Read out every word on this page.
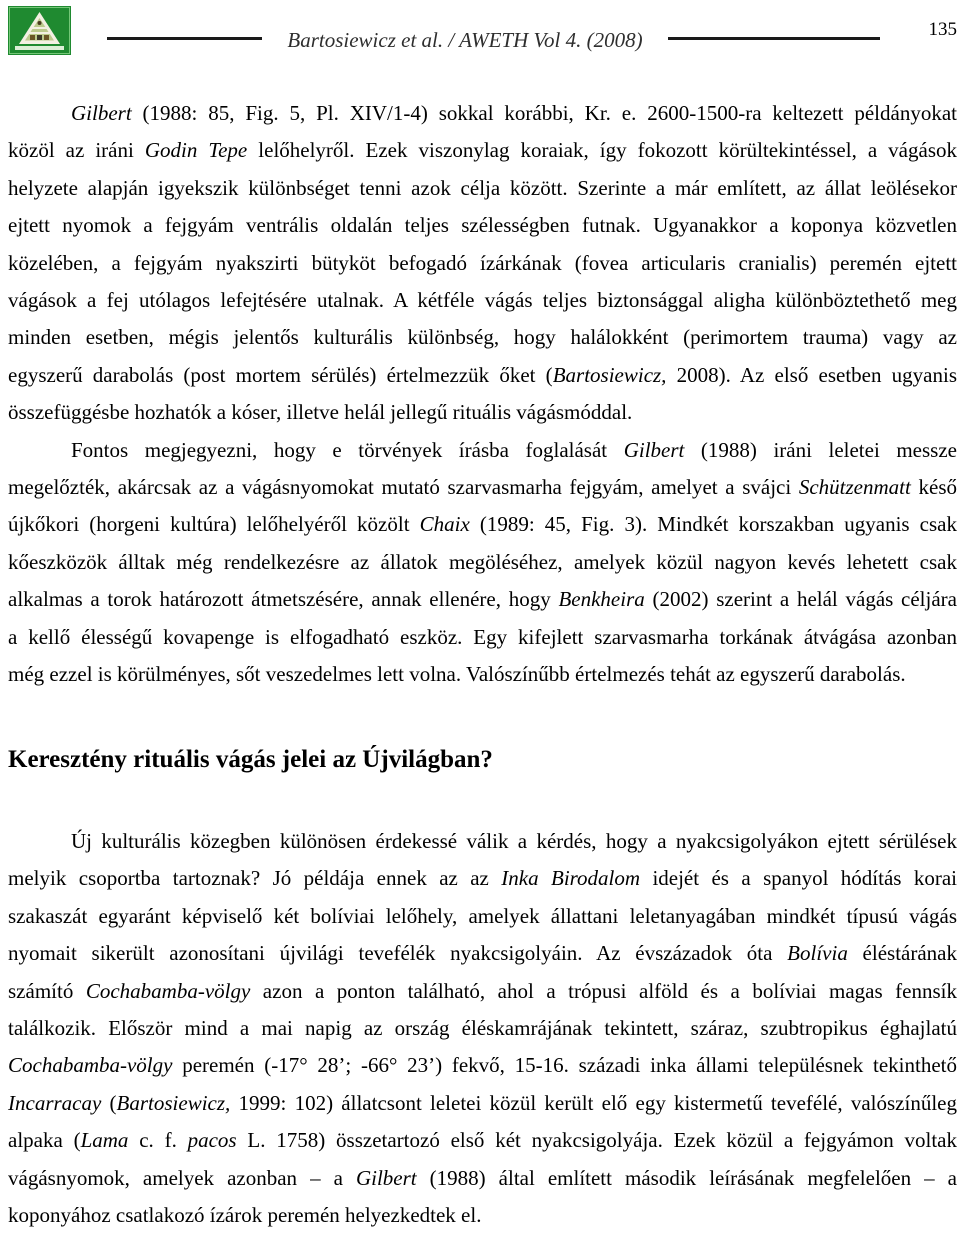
Bartosiewicz et al. / AWETH Vol 4. (2008)	135
Gilbert (1988: 85, Fig. 5, Pl. XIV/1-4) sokkal korábbi, Kr. e. 2600-1500-ra keltezett példányokat
közöl az iráni Godin Tepe lelőhelyről. Ezek viszonylag koraiak, így fokozott körültekintéssel, a vágások
helyzete alapján igyekszik különbséget tenni azok célja között. Szerinte a már említett, az állat leölésekor
ejtett nyomok a fejgyám ventrális oldalán teljes szélességben futnak. Ugyanakkor a koponya közvetlen
közelében, a fejgyám nyakszirti bütyköt befogadó ízárkának (fovea articularis cranialis) peremén ejtett
vágások a fej utólagos lefejtésére utalnak. A kétféle vágás teljes biztonsággal aligha különböztethető meg
minden esetben, mégis jelentős kulturális különbség, hogy halálokként (perimortem trauma) vagy az
egyszerű darabolás (post mortem sérülés) értelmezzük őket (Bartosiewicz, 2008). Az első esetben ugyanis
összefüggésbe hozhatók a kóser, illetve helál jellegű rituális vágásmóddal.
Fontos megjegyezni, hogy e törvények írásba foglalását Gilbert (1988) iráni leletei messze
megelőzték, akárcsak az a vágásnyomokat mutató szarvasmarha fejgyám, amelyet a svájci Schützenmatt késő
újkőkori (horgeni kultúra) lelőhelyéről közölt Chaix (1989: 45, Fig. 3). Mindkét korszakban ugyanis csak
kőeszközök álltak még rendelkezésre az állatok megöléséhez, amelyek közül nagyon kevés lehetett csak
alkalmas a torok határozott átmetszésére, annak ellenére, hogy Benkheira (2002) szerint a helál vágás céljára
a kellő élességű kovapenge is elfogadható eszköz. Egy kifejlett szarvasmarha torkának átvágása azonban
még ezzel is körülményes, sőt veszedelmes lett volna. Valószínűbb értelmezés tehát az egyszerű darabolás.
Keresztény rituális vágás jelei az Újvilágban?
Új kulturális közegben különösen érdekessé válik a kérdés, hogy a nyakcsigolyákon ejtett sérülések
melyik csoportba tartoznak? Jó példája ennek az az Inka Birodalom idejét és a spanyol hódítás korai
szakaszát egyaránt képviselő két bolíviai lelőhely, amelyek állattani leletanyagában mindkét típusú vágás
nyomait sikerült azonosítani újvilági tevefélék nyakcsigolyáin. Az évszázadok óta Bolívia éléstárának
számító Cochabamba-völgy azon a ponton található, ahol a trópusi alföld és a bolíviai magas fennsík
találkozik. Először mind a mai napig az ország éléskamrájának tekintett, száraz, szubtropikus éghajlatú
Cochabamba-völgy peremén (-17° 28’; -66° 23’) fekvő, 15-16. századi inka állami településnek tekinthető
Incarracay (Bartosiewicz, 1999: 102) állatcsont leletei közül került elő egy kistermetű tevefélé, valószínűleg
alpaka (Lama c. f. pacos L. 1758) összetartozó első két nyakcsigolyája. Ezek közül a fejgyámon voltak
vágásnyomok, amelyek azonban – a Gilbert (1988) által említett második leírásának megfelelően – a
koponyához csatlakozó ízárok peremén helyezkedtek el.
